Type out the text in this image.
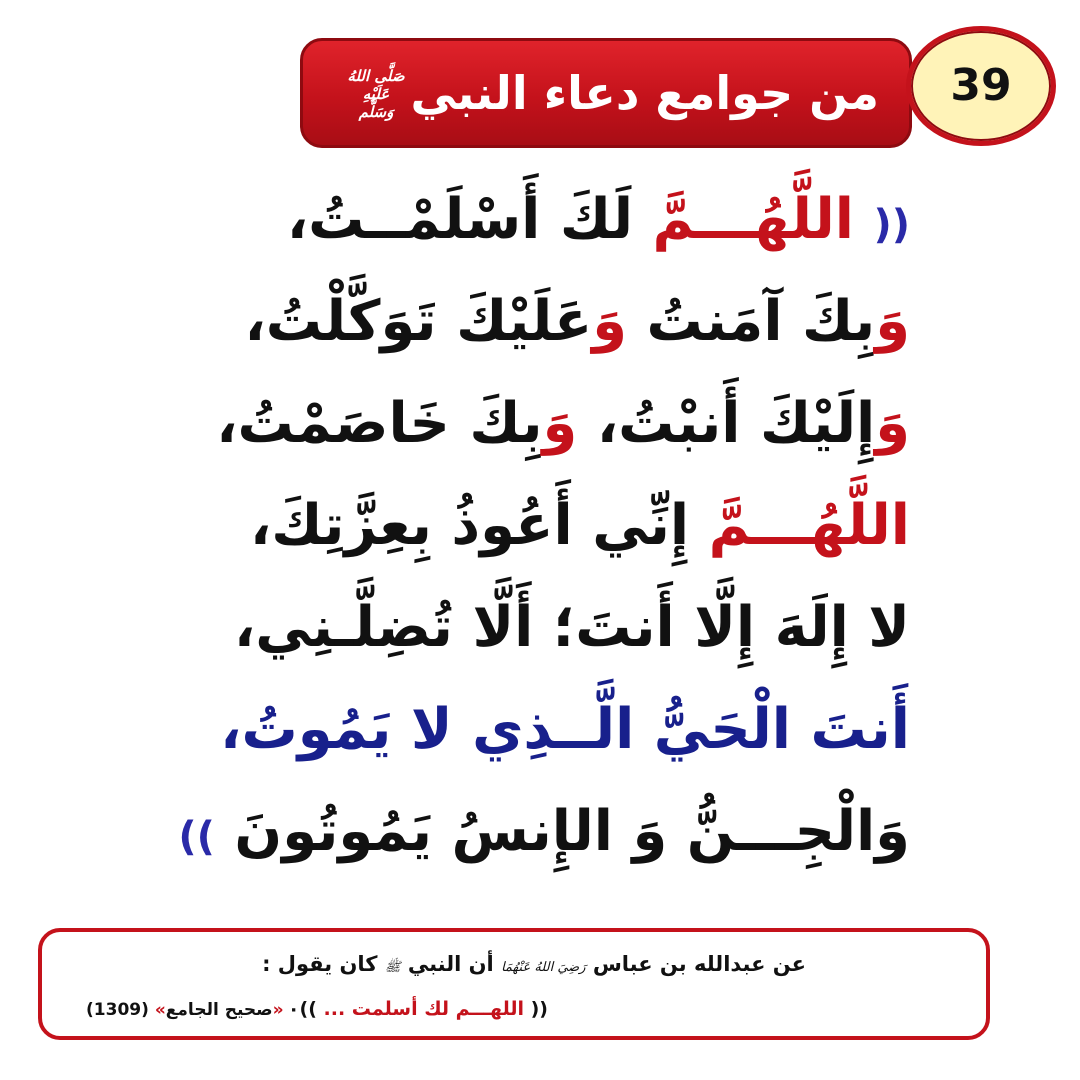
من جوامع دعاء النبي
صَلَّى اللهُ
عَلَيْهِ وَسَلَّم
39
(( اللَّهُـــمَّ لَكَ أَسْلَمْــتُ،
وَبِكَ آمَنتُ وَعَلَيْكَ تَوَكَّلْتُ،
وَإِلَيْكَ أَنبْتُ، وَبِكَ خَاصَمْتُ،
اللَّهُـــمَّ إِنِّي أَعُوذُ بِعِزَّتِكَ،
لا إِلَهَ إِلَّا أَنتَ؛ أَلَّا تُضِلَّـنِي،
أَنتَ الْحَيُّ الَّــذِي لا يَمُوتُ،
وَالْجِـــنُّ وَ الإِنسُ يَمُوتُونَ ))
عن عبدالله بن عباس رَضِيَ اللهُ عَنْهُمَا أن النبي ﷺ كان يقول :
(( اللهـــم لك أسلمت ... ))٠
«صحيح الجامع» (1309)
